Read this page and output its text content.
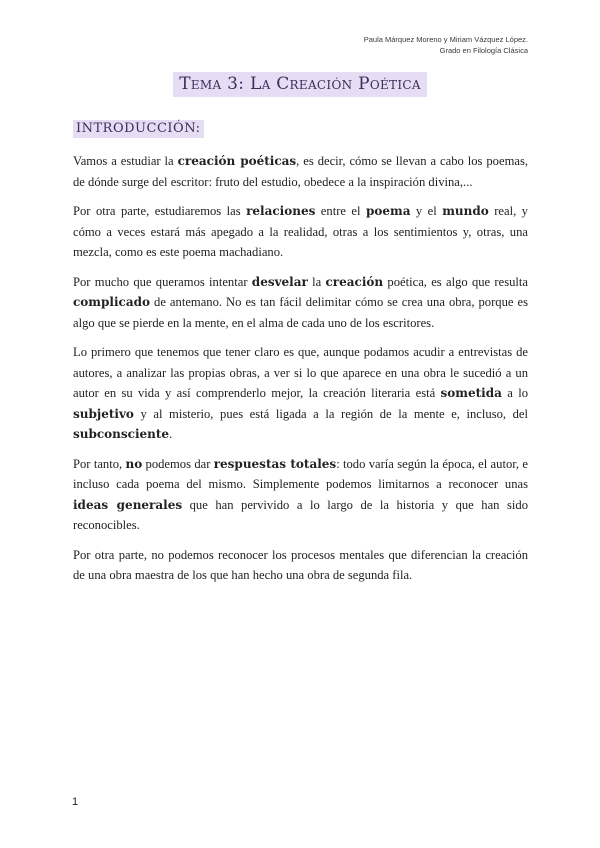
Paula Márquez Moreno y Miriam Vázquez López.
Grado en Filología Clásica
Tema 3: La Creación Poética
INTRODUCCIÓN:

Vamos a estudiar la creación poéticas, es decir, cómo se llevan a cabo los poemas, de dónde surge del escritor: fruto del estudio, obedece a la inspiración divina,...

Por otra parte, estudiaremos las relaciones entre el poema y el mundo real, y cómo a veces estará más apegado a la realidad, otras a los sentimientos y, otras, una mezcla, como es este poema machadiano.

Por mucho que queramos intentar desvelar la creación poética, es algo que resulta complicado de antemano. No es tan fácil delimitar cómo se crea una obra, porque es algo que se pierde en la mente, en el alma de cada uno de los escritores.

Lo primero que tenemos que tener claro es que, aunque podamos acudir a entrevistas de autores, a analizar las propias obras, a ver si lo que aparece en una obra le sucedió a un autor en su vida y así comprenderlo mejor, la creación literaria está sometida a lo subjetivo y al misterio, pues está ligada a la región de la mente e, incluso, del subconsciente.

Por tanto, no podemos dar respuestas totales: todo varía según la época, el autor, e incluso cada poema del mismo. Simplemente podemos limitarnos a reconocer unas ideas generales que han pervivido a lo largo de la historia y que han sido reconocibles.

Por otra parte, no podemos reconocer los procesos mentales que diferencian la creación de una obra maestra de los que han hecho una obra de segunda fila.

1
